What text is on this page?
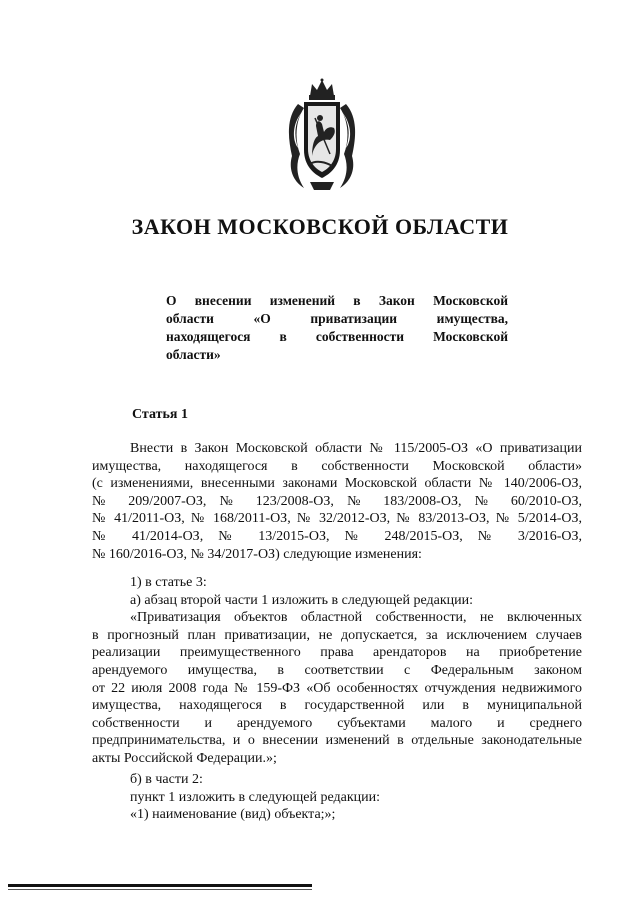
ЗАКОН МОСКОВСКОЙ ОБЛАСТИ
О внесении изменений в Закон Московской
области «О приватизации имущества,
находящегося в собственности Московской
области»
Статья 1
Внести в Закон Московской области № 115/2005-ОЗ «О приватизации
имущества, находящегося в собственности Московской области»
(с изменениями, внесенными законами Московской области № 140/2006-ОЗ,
№ 209/2007-ОЗ, № 123/2008-ОЗ, № 183/2008-ОЗ, № 60/2010-ОЗ,
№ 41/2011-ОЗ, № 168/2011-ОЗ, № 32/2012-ОЗ, № 83/2013-ОЗ, № 5/2014-ОЗ,
№ 41/2014-ОЗ, № 13/2015-ОЗ, № 248/2015-ОЗ, № 3/2016-ОЗ,
№ 160/2016-ОЗ, № 34/2017-ОЗ) следующие изменения:
1) в статье 3:
а) абзац второй части 1 изложить в следующей редакции:
«Приватизация объектов областной собственности, не включенных
в прогнозный план приватизации, не допускается, за исключением случаев
реализации преимущественного права арендаторов на приобретение
арендуемого имущества, в соответствии с Федеральным законом
от 22 июля 2008 года № 159-ФЗ «Об особенностях отчуждения недвижимого
имущества, находящегося в государственной или в муниципальной
собственности и арендуемого субъектами малого и среднего
предпринимательства, и о внесении изменений в отдельные законодательные
акты Российской Федерации.»;
б) в части 2:
пункт 1 изложить в следующей редакции:
«1) наименование (вид) объекта;»;
